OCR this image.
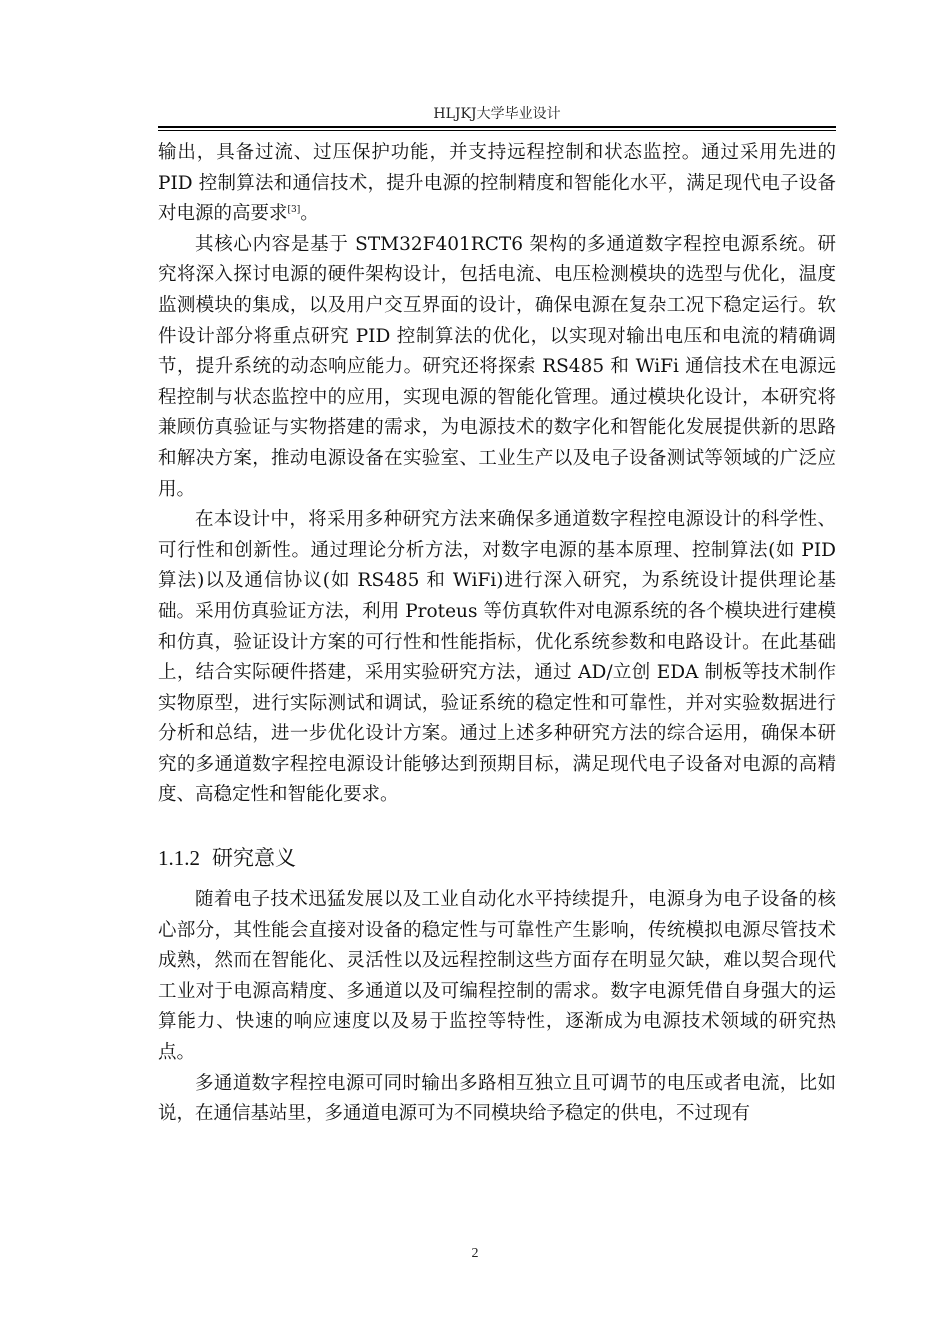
HLJKJ大学毕业设计

输出，具备过流、过压保护功能，并支持远程控制和状态监控。通过采用先进的 PID 控制算法和通信技术，提升电源的控制精度和智能化水平，满足现代电子设备对电源的高要求[3]。

其核心内容是基于 STM32F401RCT6 架构的多通道数字程控电源系统。研究将深入探讨电源的硬件架构设计，包括电流、电压检测模块的选型与优化，温度监测模块的集成，以及用户交互界面的设计，确保电源在复杂工况下稳定运行。软件设计部分将重点研究 PID 控制算法的优化，以实现对输出电压和电流的精确调节，提升系统的动态响应能力。研究还将探索 RS485 和 WiFi 通信技术在电源远程控制与状态监控中的应用，实现电源的智能化管理。通过模块化设计，本研究将兼顾仿真验证与实物搭建的需求，为电源技术的数字化和智能化发展提供新的思路和解决方案，推动电源设备在实验室、工业生产以及电子设备测试等领域的广泛应用。

在本设计中，将采用多种研究方法来确保多通道数字程控电源设计的科学性、可行性和创新性。通过理论分析方法，对数字电源的基本原理、控制算法(如 PID 算法)以及通信协议(如 RS485 和 WiFi)进行深入研究，为系统设计提供理论基础。采用仿真验证方法，利用 Proteus 等仿真软件对电源系统的各个模块进行建模和仿真，验证设计方案的可行性和性能指标，优化系统参数和电路设计。在此基础上，结合实际硬件搭建，采用实验研究方法，通过 AD/立创 EDA 制板等技术制作实物原型，进行实际测试和调试，验证系统的稳定性和可靠性，并对实验数据进行分析和总结，进一步优化设计方案。通过上述多种研究方法的综合运用，确保本研究的多通道数字程控电源设计能够达到预期目标，满足现代电子设备对电源的高精度、高稳定性和智能化要求。

1.1.2 研究意义

随着电子技术迅猛发展以及工业自动化水平持续提升，电源身为电子设备的核心部分，其性能会直接对设备的稳定性与可靠性产生影响，传统模拟电源尽管技术成熟，然而在智能化、灵活性以及远程控制这些方面存在明显欠缺，难以契合现代工业对于电源高精度、多通道以及可编程控制的需求。数字电源凭借自身强大的运算能力、快速的响应速度以及易于监控等特性，逐渐成为电源技术领域的研究热点。

多通道数字程控电源可同时输出多路相互独立且可调节的电压或者电流，比如说，在通信基站里，多通道电源可为不同模块给予稳定的供电，不过现有

2
